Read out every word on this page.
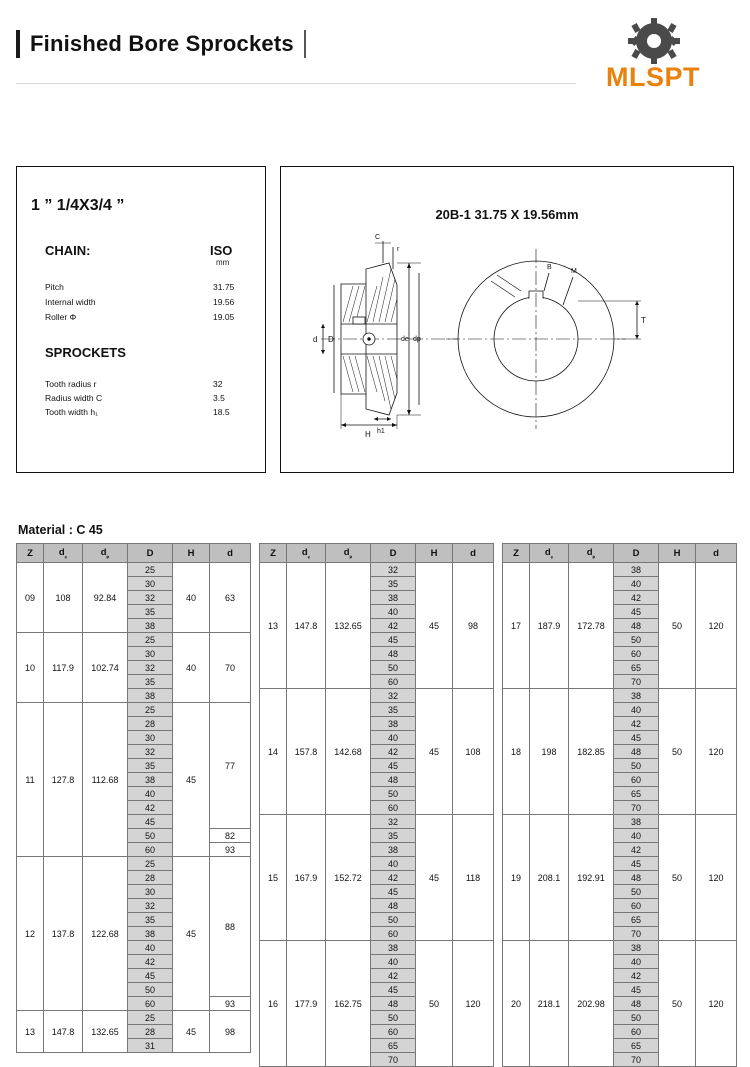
Finished Bore Sprockets
MLSPT
1 ” 1/4X3/4 ”
CHAIN:	ISO
mm
Pitch	31.75
Internal width	19.56
Roller Φ	19.05
SPROCKETS
Tooth radius r	32
Radius width C	3.5
Tooth width h₁	18.5
20B-1 31.75 X 19.56mm
d D	de dp
C
r
H h1
B
M
T
Material : C 45
Z	$d_{_e}$	$d_{_p}$	D	H	d
09	108	92.84	25	40	63
			30		
			32		
			35		
			38		
10	117.9	102.74	25	40	70
			30		
			32		
			35		
			38		
11	127.8	112.68	25	45	77
			28		
			30		
			32		
			35		
			38		
			40		
			42		
			45		
			50		82
			60		93
12	137.8	122.68	25	45	88
			28		
			30		
			32		
			35		
			38		
			40		
			42		
			45		
			50		
			60		93
13	147.8	132.65	25	45	98
			28		
			31		
Z	$d_{_e}$	$d_{_p}$	D	H	d
13	147.8	132.65	32	45	98
			35		
			38		
			40		
			42		
			45		
			48		
			50		
			60		
14	157.8	142.68	32	45	108
			35		
			38		
			40		
			42		
			45		
			48		
			50		
			60		
15	167.9	152.72	32	45	118
			35		
			38		
			40		
			42		
			45		
			48		
			50		
			60		
16	177.9	162.75	38	50	120
			40		
			42		
			45		
			48		
			50		
			60		
			65		
			70		
Z	$d_{_e}$	$d_{_p}$	D	H	d
17	187.9	172.78	38	50	120
			40		
			42		
			45		
			48		
			50		
			60		
			65		
			70		
18	198	182.85	38	50	120
			40		
			42		
			45		
			48		
			50		
			60		
			65		
			70		
19	208.1	192.91	38	50	120
			40		
			42		
			45		
			48		
			50		
			60		
			65		
			70		
20	218.1	202.98	38	50	120
			40		
			42		
			45		
			48		
			50		
			60		
			65		
			70		
